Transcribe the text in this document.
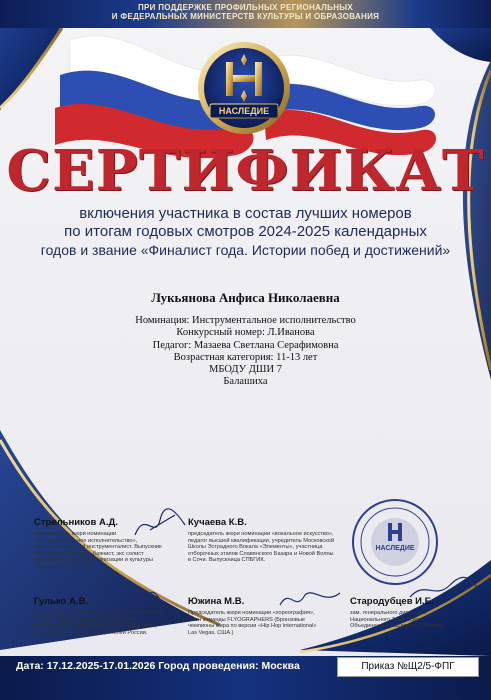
ПРИ ПОДДЕРЖКЕ ПРОФИЛЬНЫХ РЕГИОНАЛЬНЫХ
И ФЕДЕРАЛЬНЫХ МИНИСТЕРСТВ КУЛЬТУРЫ И ОБРАЗОВАНИЯ
НАСЛЕДИЕ
СЕРТИФИКАТ
включения участника в состав лучших номеров
по итогам годовых смотров 2024-2025 календарных
годов и звание «Финалист года. Истории побед и достижений»
Лукьянова Анфиса Николаевна
Номинация: Инструментальное исполнительство
Конкурсный номер: Л.Иванова
Педагог: Мазаева Светлана Серафимовна
Возрастная категория: 11-13 лет
МБОДУ ДШИ 7
Балашиха
Стрельников А.Д.
председатель жюри номинации «Инструментальное исполнительство», профессиональный инструменталист. Выпускник РАМ имени Гнесиных, баянист, экс солист народного коллектива стилизации и культуры «Матрешка» г. Москва.
Кучаева К.В.
председатель жюри номинации «вокальное искусство», педагог высшей квалификации, учредитель Московской Школы Эстрадного Вокала «Элементы», участница отборочных этапов Славянского Базара и Новой Волны в Сочи. Выпускница СПБГИК.
Гулько А.В.
Председатель жюри номинации «художественное слово», «Театр», актриса театра и кино, руководитель театральной студии «ЭМО ция», член Союза театральных деятелей России.
Южина М.В.
Председатель жюри номинации «хореография», Член команды FLYOGRAPHERS (Бронзовые чемпионы мира по версии «Hip Hop international» Las Vegas, США.)
Стародубцев И.Е.
зам. генерального директора Национального Творческого Объединения «Наследие» г.Москва.
НАСЛЕДИЕ
Дата: 17.12.2025-17.01.2026 Город проведения: Москва	Приказ №Щ2/5-ФПГ
